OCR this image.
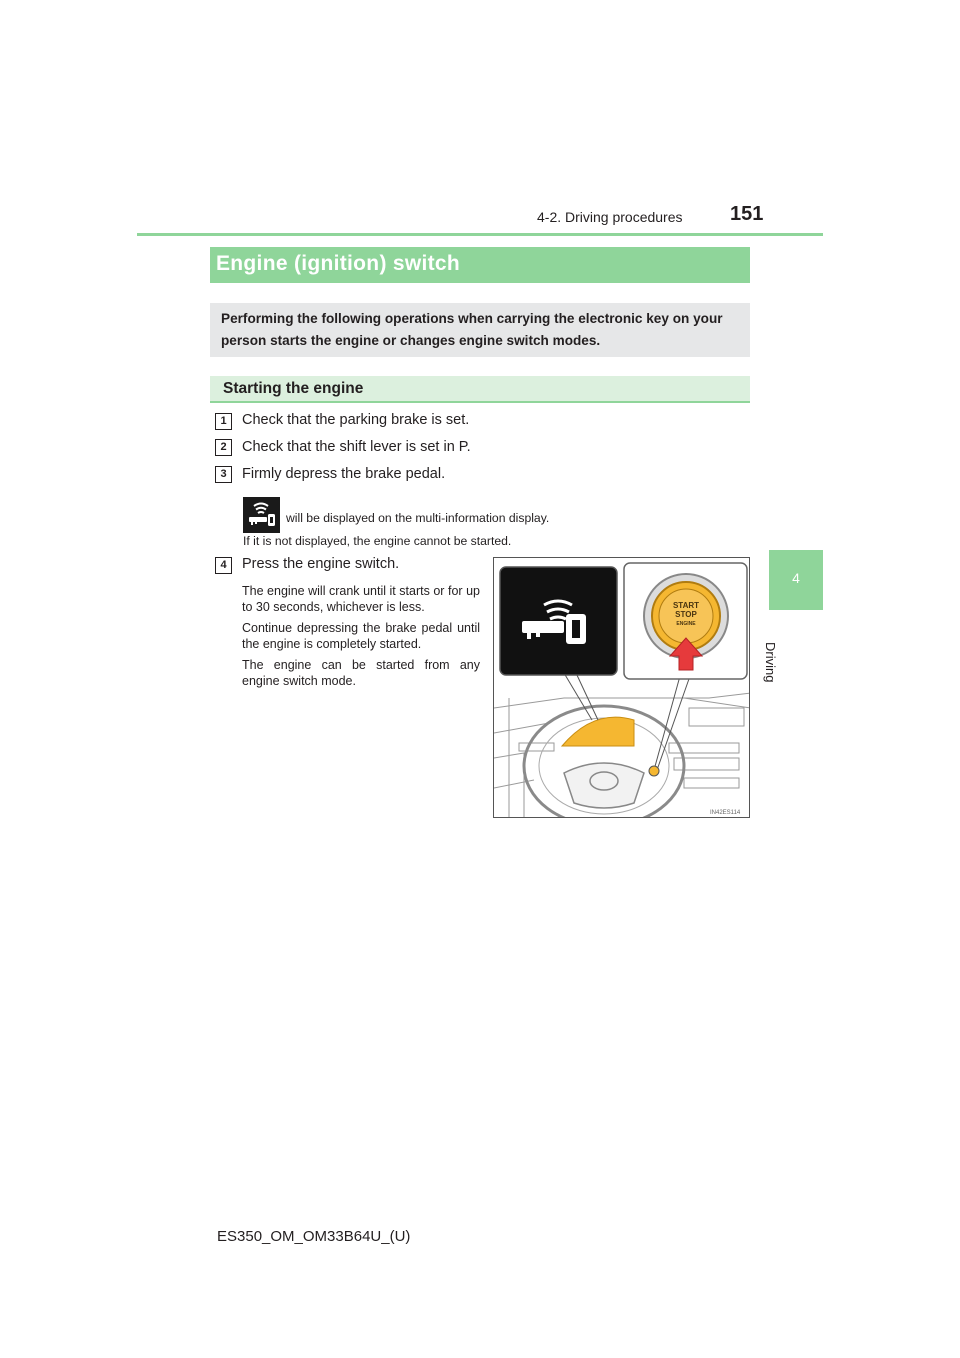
4-2. Driving procedures 151
4
Driving
Engine (ignition) switch
Performing the following operations when carrying the electronic key on your person starts the engine or changes engine switch modes.
Starting the engine
1	Check that the parking brake is set.
2	Check that the shift lever is set in P.
3	Firmly depress the brake pedal.
will be displayed on the multi-information display.
If it is not displayed, the engine cannot be started.
4	Press the engine switch.
The engine will crank until it starts or for up to 30 seconds, whichever is less.
Continue depressing the brake pedal until the engine is completely started.
The engine can be started from any engine switch mode.
START
STOP
ENGINE
IN42ES114
ES350_OM_OM33B64U_(U)
